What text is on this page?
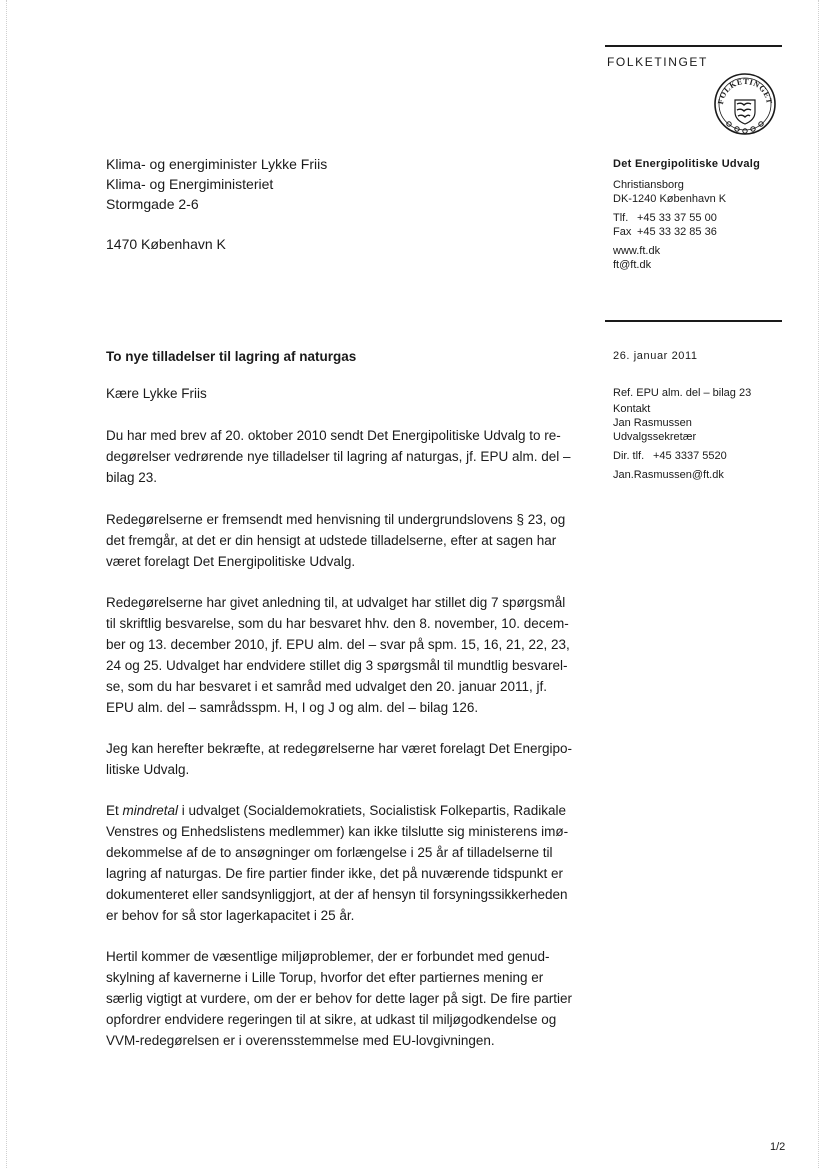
FOLKETINGET
FOLKETINGET
Klima- og energiminister Lykke Friis
Klima- og Energiministeriet
Stormgade 2-6
1470 København K
Det Energipolitiske Udvalg
Christiansborg
DK-1240 København K
Tlf. +45 33 37 55 00
Fax +45 33 32 85 36
www.ft.dk
ft@ft.dk
26. januar 2011
Ref. EPU alm. del – bilag 23
Kontakt
Jan Rasmussen
Udvalgssekretær
Dir. tlf. +45 3337 5520
Jan.Rasmussen@ft.dk
To nye tilladelser til lagring af naturgas
Kære Lykke Friis
Du har med brev af 20. oktober 2010 sendt Det Energipolitiske Udvalg to re-
degørelser vedrørende nye tilladelser til lagring af naturgas, jf. EPU alm. del –
bilag 23.
Redegørelserne er fremsendt med henvisning til undergrundslovens § 23, og
det fremgår, at det er din hensigt at udstede tilladelserne, efter at sagen har
været forelagt Det Energipolitiske Udvalg.
Redegørelserne har givet anledning til, at udvalget har stillet dig 7 spørgsmål
til skriftlig besvarelse, som du har besvaret hhv. den 8. november, 10. decem-
ber og 13. december 2010, jf. EPU alm. del – svar på spm. 15, 16, 21, 22, 23,
24 og 25. Udvalget har endvidere stillet dig 3 spørgsmål til mundtlig besvarel-
se, som du har besvaret i et samråd med udvalget den 20. januar 2011, jf.
EPU alm. del – samrådsspm. H, I og J og alm. del – bilag 126.
Jeg kan herefter bekræfte, at redegørelserne har været forelagt Det Energipo-
litiske Udvalg.
Et mindretal i udvalget (Socialdemokratiets, Socialistisk Folkepartis, Radikale
Venstres og Enhedslistens medlemmer) kan ikke tilslutte sig ministerens imø-
dekommelse af de to ansøgninger om forlængelse i 25 år af tilladelserne til
lagring af naturgas. De fire partier finder ikke, det på nuværende tidspunkt er
dokumenteret eller sandsynliggjort, at der af hensyn til forsyningssikkerheden
er behov for så stor lagerkapacitet i 25 år.
Hertil kommer de væsentlige miljøproblemer, der er forbundet med genud-
skylning af kavernerne i Lille Torup, hvorfor det efter partiernes mening er
særlig vigtigt at vurdere, om der er behov for dette lager på sigt. De fire partier
opfordrer endvidere regeringen til at sikre, at udkast til miljøgodkendelse og
VVM-redegørelsen er i overensstemmelse med EU-lovgivningen.
1/2
